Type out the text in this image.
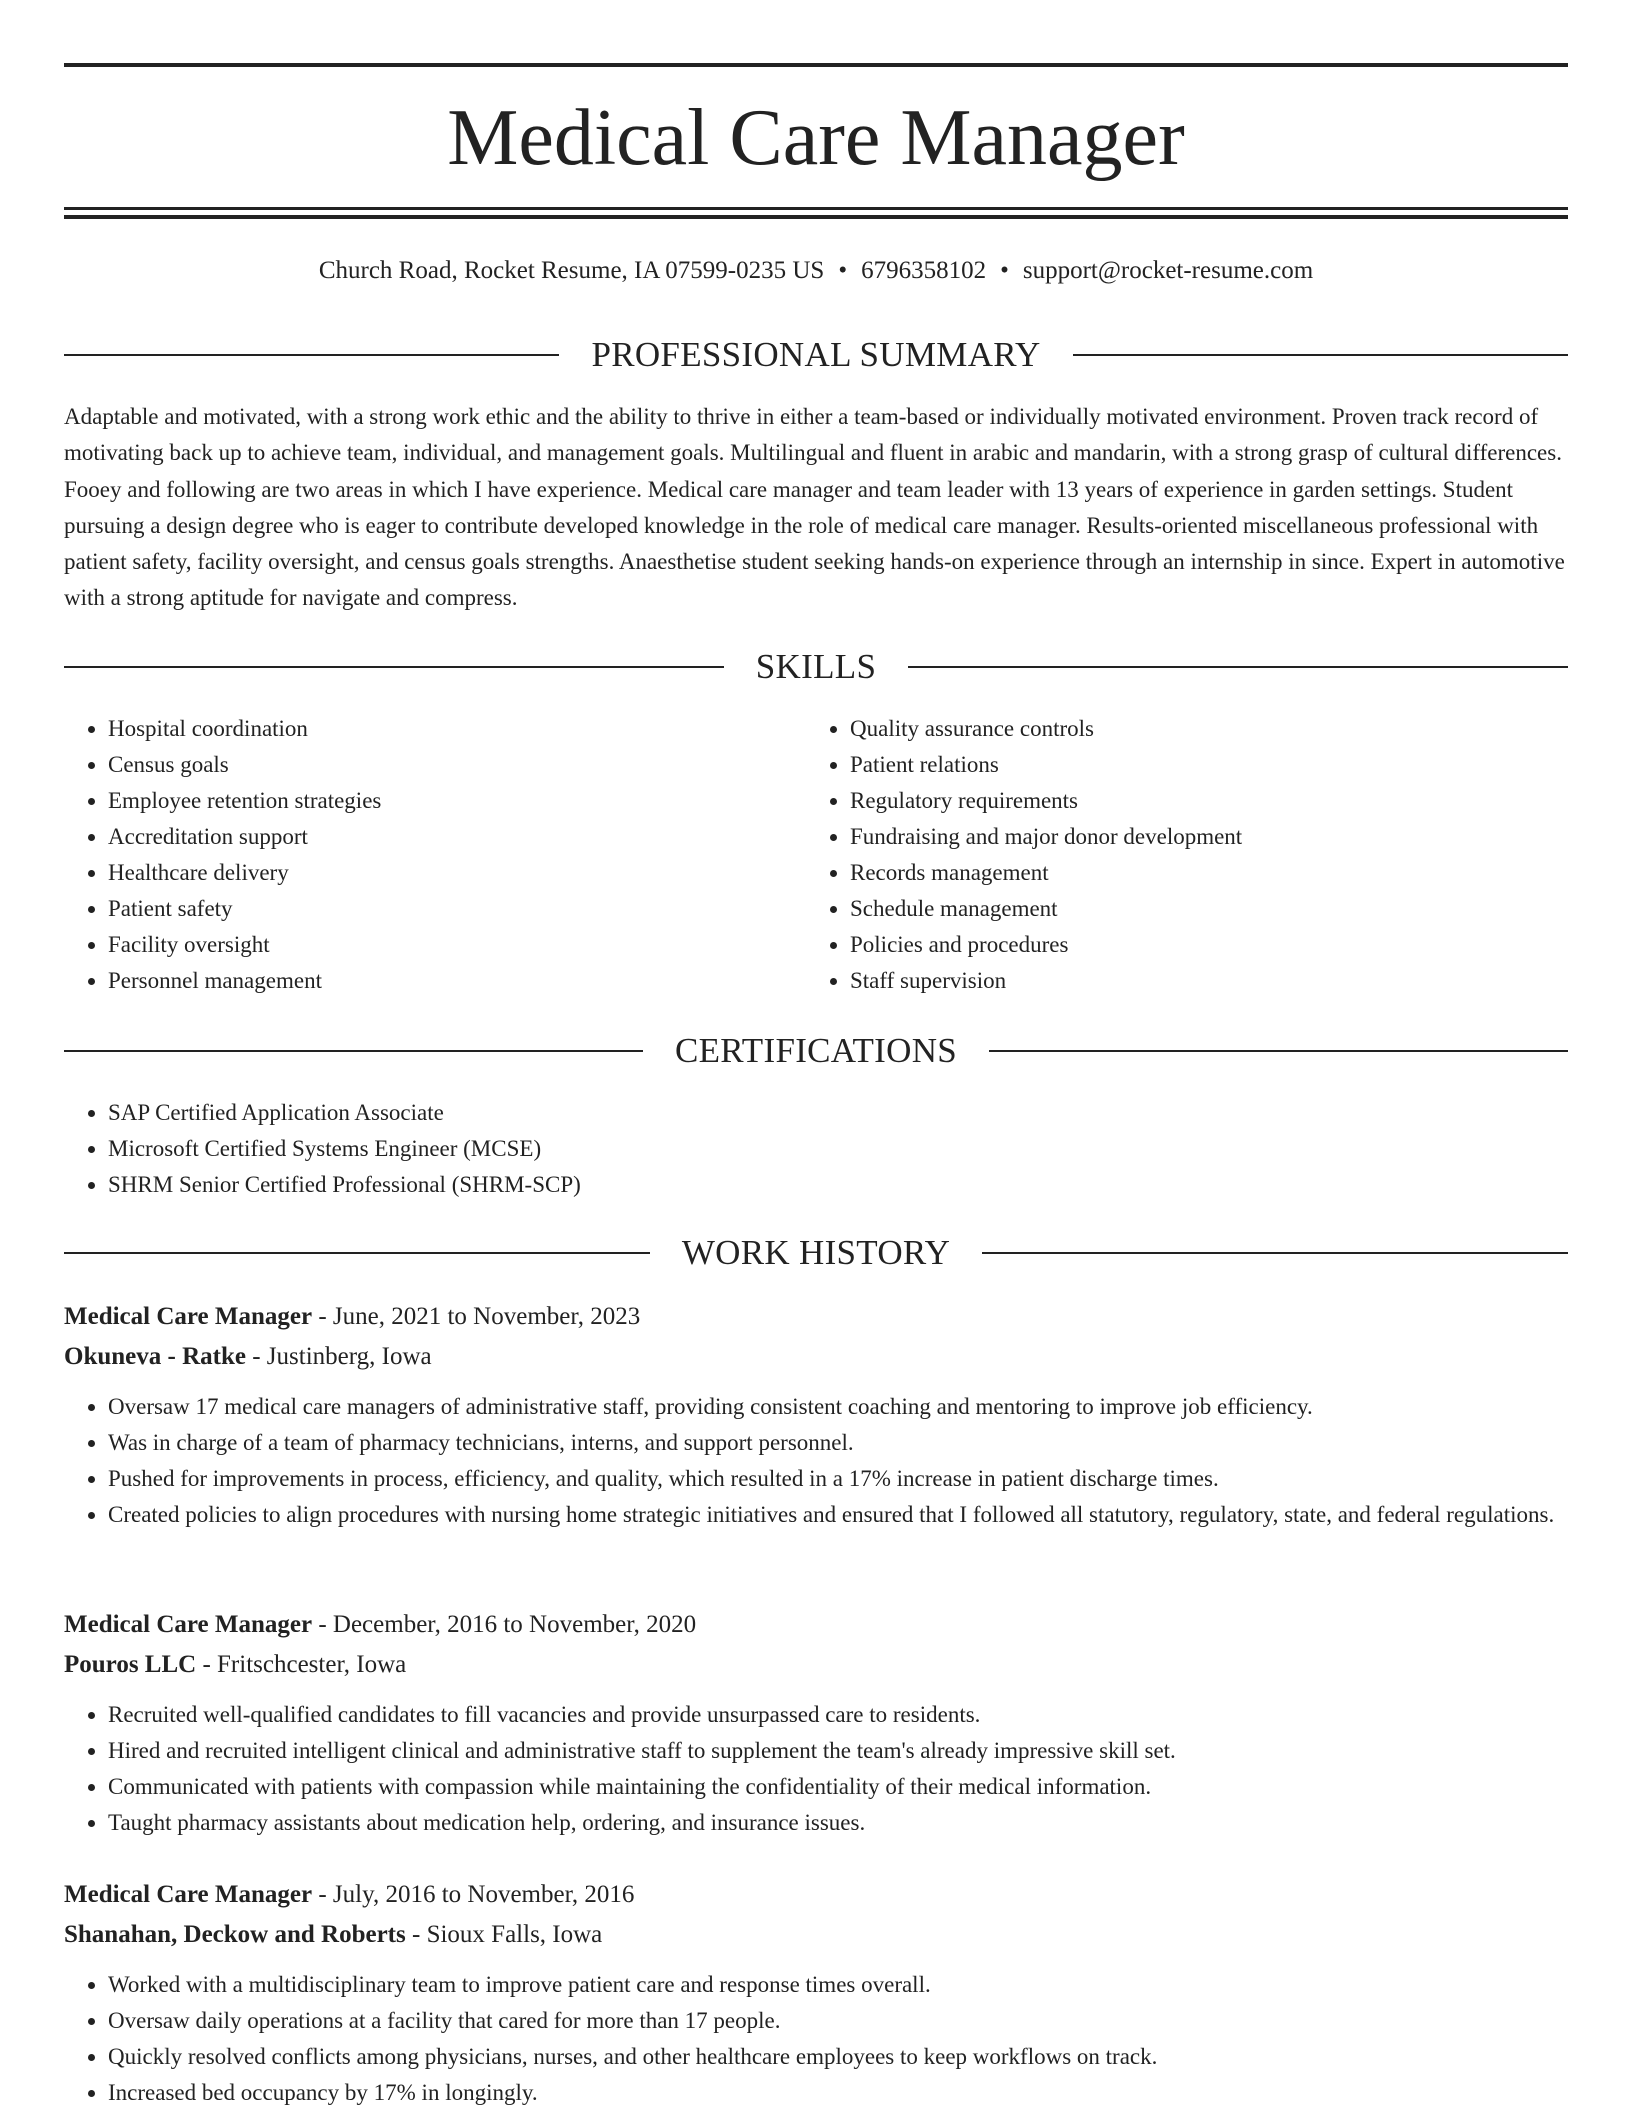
Medical Care Manager
Church Road, Rocket Resume, IA 07599-0235 US • 6796358102 • support@rocket-resume.com
PROFESSIONAL SUMMARY

Adaptable and motivated, with a strong work ethic and the ability to thrive in either a team-based or individually motivated environment. Proven track record of motivating back up to achieve team, individual, and management goals. Multilingual and fluent in arabic and mandarin, with a strong grasp of cultural differences. Fooey and following are two areas in which I have experience. Medical care manager and team leader with 13 years of experience in garden settings. Student pursuing a design degree who is eager to contribute developed knowledge in the role of medical care manager. Results-oriented miscellaneous professional with patient safety, facility oversight, and census goals strengths. Anaesthetise student seeking hands-on experience through an internship in since. Expert in automotive with a strong aptitude for navigate and compress.

SKILLS
• Hospital coordination
• Census goals
• Employee retention strategies
• Accreditation support
• Healthcare delivery
• Patient safety
• Facility oversight
• Personnel management
• Quality assurance controls
• Patient relations
• Regulatory requirements
• Fundraising and major donor development
• Records management
• Schedule management
• Policies and procedures
• Staff supervision
CERTIFICATIONS
• SAP Certified Application Associate
• Microsoft Certified Systems Engineer (MCSE)
• SHRM Senior Certified Professional (SHRM-SCP)
WORK HISTORY
Medical Care Manager - June, 2021 to November, 2023
Okuneva - Ratke - Justinberg, Iowa
• Oversaw 17 medical care managers of administrative staff, providing consistent coaching and mentoring to improve job efficiency.
• Was in charge of a team of pharmacy technicians, interns, and support personnel.
• Pushed for improvements in process, efficiency, and quality, which resulted in a 17% increase in patient discharge times.
• Created policies to align procedures with nursing home strategic initiatives and ensured that I followed all statutory, regulatory, state, and federal regulations.
Medical Care Manager - December, 2016 to November, 2020
Pouros LLC - Fritschcester, Iowa
• Recruited well-qualified candidates to fill vacancies and provide unsurpassed care to residents.
• Hired and recruited intelligent clinical and administrative staff to supplement the team's already impressive skill set.
• Communicated with patients with compassion while maintaining the confidentiality of their medical information.
• Taught pharmacy assistants about medication help, ordering, and insurance issues.
Medical Care Manager - July, 2016 to November, 2016
Shanahan, Deckow and Roberts - Sioux Falls, Iowa
• Worked with a multidisciplinary team to improve patient care and response times overall.
• Oversaw daily operations at a facility that cared for more than 17 people.
• Quickly resolved conflicts among physicians, nurses, and other healthcare employees to keep workflows on track.
• Increased bed occupancy by 17% in longingly.
